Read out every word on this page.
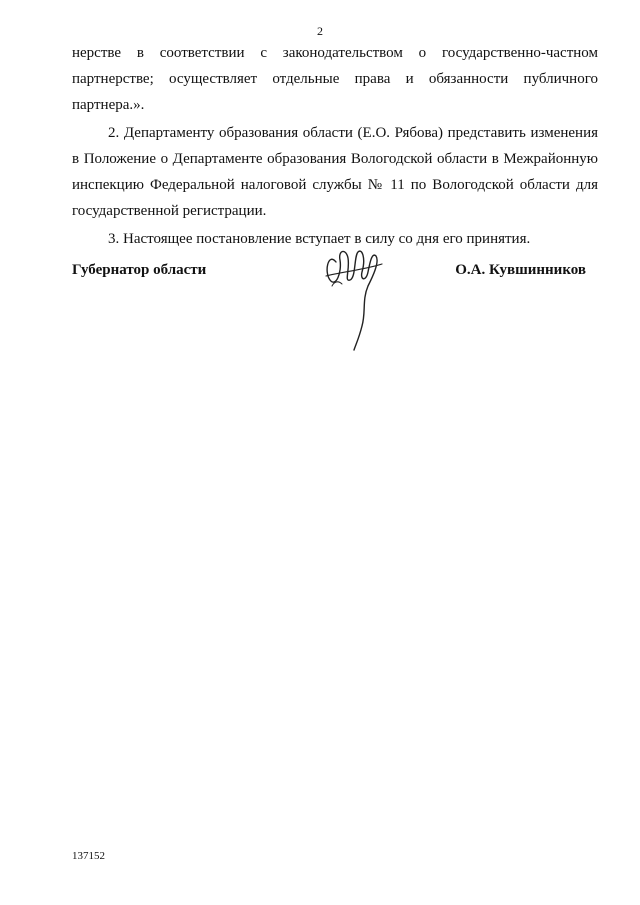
2

нерстве в соответствии с законодательством о государственно-частном партнерстве; осуществляет отдельные права и обязанности публичного партнера.».

2. Департаменту образования области (Е.О. Рябова) представить изменения в Положение о Департаменте образования Вологодской области в Межрайонную инспекцию Федеральной налоговой службы № 11 по Вологодской области для государственной регистрации.

3. Настоящее постановление вступает в силу со дня его принятия.

Губернатор области	О.А. Кувшинников
137152
